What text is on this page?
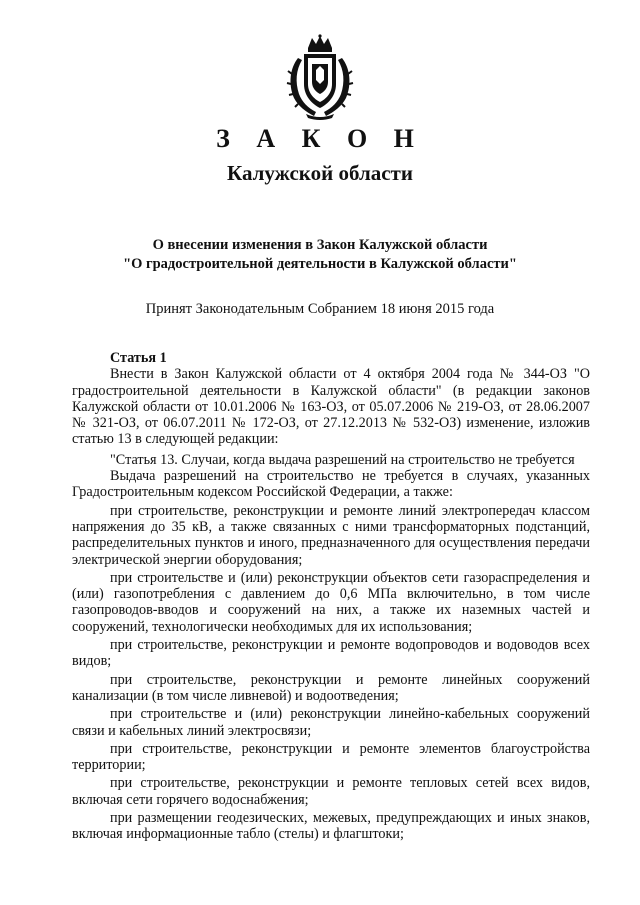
З А К О Н
Калужской области
О внесении изменения в Закон Калужской области
"О градостроительной деятельности в Калужской области"
Принят Законодательным Собранием 18 июня 2015 года
Статья 1

Внести в Закон Калужской области от 4 октября 2004 года № 344-ОЗ "О градостроительной деятельности в Калужской области" (в редакции законов Калужской области от 10.01.2006 № 163-ОЗ, от 05.07.2006 № 219-ОЗ, от 28.06.2007 № 321-ОЗ, от 06.07.2011 № 172-ОЗ, от 27.12.2013 № 532-ОЗ) изменение, изложив статью 13 в следующей редакции:

"Статья 13. Случаи, когда выдача разрешений на строительство не требуется

Выдача разрешений на строительство не требуется в случаях, указанных Градостроительным кодексом Российской Федерации, а также:

при строительстве, реконструкции и ремонте линий электропередач классом напряжения до 35 кВ, а также связанных с ними трансформаторных подстанций, распределительных пунктов и иного, предназначенного для осуществления передачи электрической энергии оборудования;

при строительстве и (или) реконструкции объектов сети газораспределения и (или) газопотребления с давлением до 0,6 МПа включительно, в том числе газопроводов-вводов и сооружений на них, а также их наземных частей и сооружений, технологически необходимых для их использования;

при строительстве, реконструкции и ремонте водопроводов и водоводов всех видов;

при строительстве, реконструкции и ремонте линейных сооружений канализации (в том числе ливневой) и водоотведения;

при строительстве и (или) реконструкции линейно-кабельных сооружений связи и кабельных линий электросвязи;

при строительстве, реконструкции и ремонте элементов благоустройства территории;

при строительстве, реконструкции и ремонте тепловых сетей всех видов, включая сети горячего водоснабжения;

при размещении геодезических, межевых, предупреждающих и иных знаков, включая информационные табло (стелы) и флагштоки;
